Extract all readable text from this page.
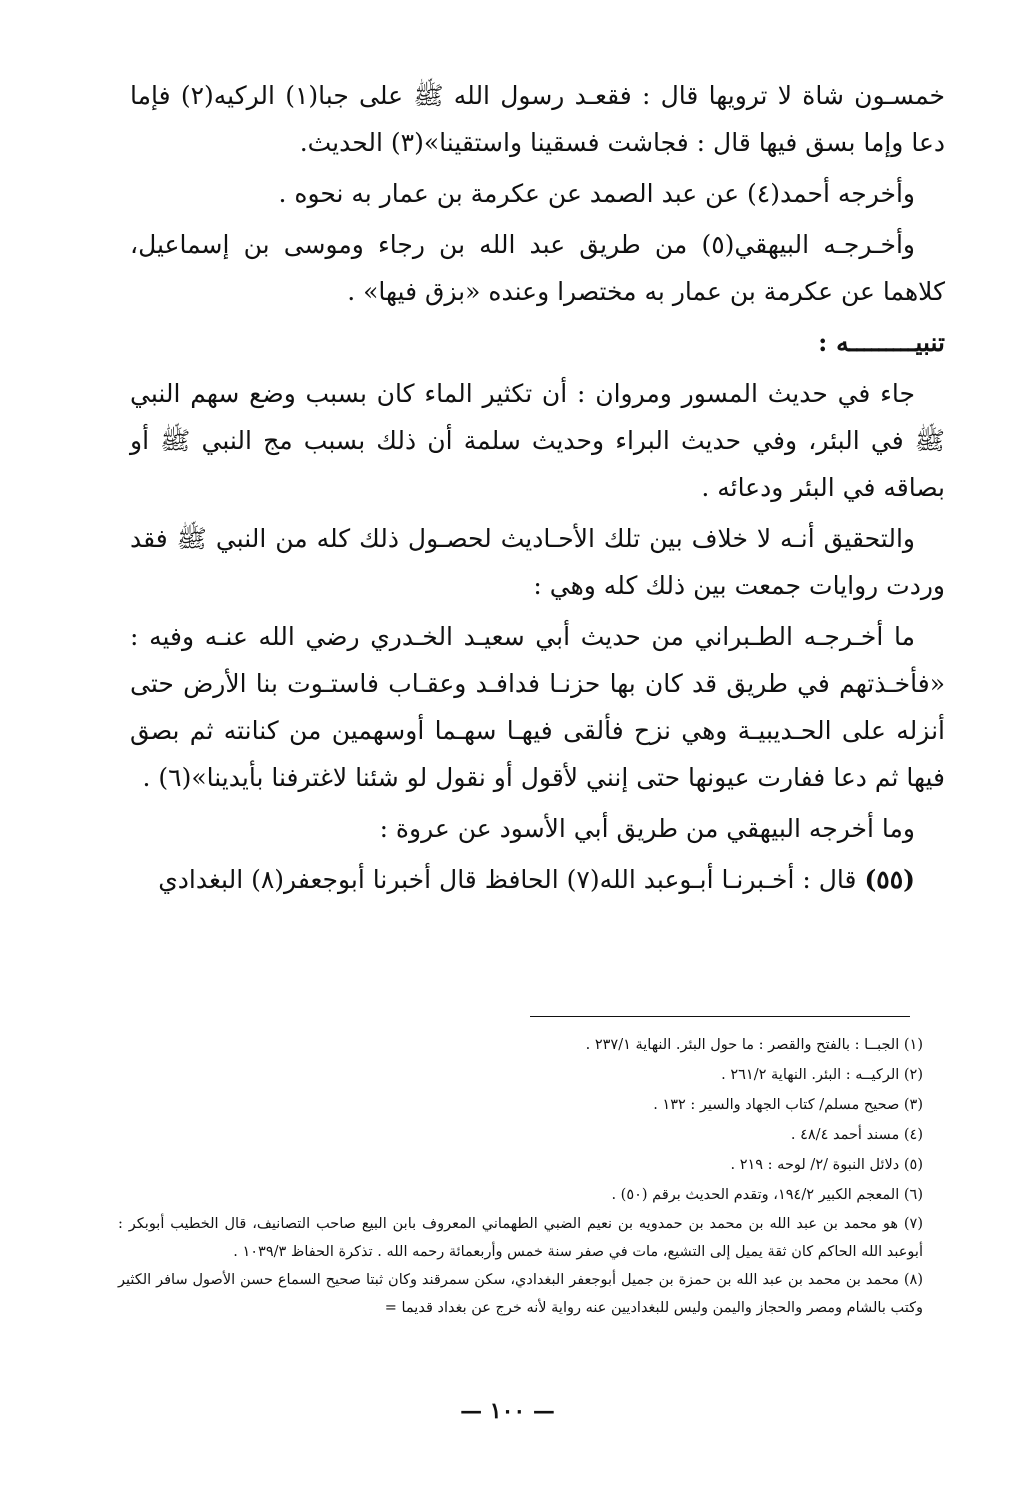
خمسـون شاة لا ترويها قال : فقعـد رسول الله ﷺ على جبا(١) الركيه(٢) فإما دعا وإما بسق فيها قال : فجاشت فسقينا واستقينا»(٣) الحديث.

وأخرجه أحمد(٤) عن عبد الصمد عن عكرمة بن عمار به نحوه .

وأخـرجـه البيهقي(٥) من طريق عبد الله بن رجاء وموسى بن إسماعيل، كلاهما عن عكرمة بن عمار به مختصرا وعنده «بزق فيها» .

تنبيـــــــــه :

جاء في حديث المسور ومروان : أن تكثير الماء كان بسبب وضع سهم النبي ﷺ في البئر، وفي حديث البراء وحديث سلمة أن ذلك بسبب مج النبي ﷺ أو بصاقه في البئر ودعائه .

والتحقيق أنـه لا خلاف بين تلك الأحـاديث لحصـول ذلك كله من النبي ﷺ فقد وردت روايات جمعت بين ذلك كله وهي :

ما أخـرجـه الطـبراني من حديث أبي سعيـد الخـدري رضي الله عنـه وفيه : «فأخـذتهم في طريق قد كان بها حزنـا فدافـد وعقـاب فاستـوت بنا الأرض حتى أنزله على الحـديبيـة وهي نزح فألقى فيهـا سهـما أوسهمين من كنانته ثم بصق فيها ثم دعا ففارت عيونها حتى إنني لأقول أو نقول لو شئنا لاغترفنا بأيدينا»(٦) .

وما أخرجه البيهقي من طريق أبي الأسود عن عروة :

(٥٥) قال : أخـبرنـا أبـوعبد الله(٧) الحافظ قال أخبرنا أبوجعفر(٨) البغدادي

(١) الجبــا : بالفتح والقصر : ما حول البئر. النهاية ٢٣٧/١ .

(٢) الركيــه : البئر. النهاية ٢٦١/٢ .

(٣) صحيح مسلم/ كتاب الجهاد والسير : ١٣٢ .

(٤) مسند أحمد ٤٨/٤ .

(٥) دلائل النبوة /٢/ لوحه : ٢١٩ .

(٦) المعجم الكبير ١٩٤/٢، وتقدم الحديث برقم (٥٠) .

(٧) هو محمد بن عبد الله بن محمد بن حمدويه بن نعيم الضبي الطهماني المعروف بابن البيع صاحب التصانيف، قال الخطيب أبوبكر : أبوعبد الله الحاكم كان ثقة يميل إلى التشيع، مات في صفر سنة خمس وأربعمائة رحمه الله . تذكرة الحفاظ ١٠٣٩/٣ .

(٨) محمد بن محمد بن عبد الله بن حمزة بن جميل أبوجعفر البغدادي، سكن سمرقند وكان ثبتا صحيح السماع حسن الأصول سافر الكثير وكتب بالشام ومصر والحجاز واليمن وليس للبغداديين عنه رواية لأنه خرج عن بغداد قديما =

— ١٠٠ —
